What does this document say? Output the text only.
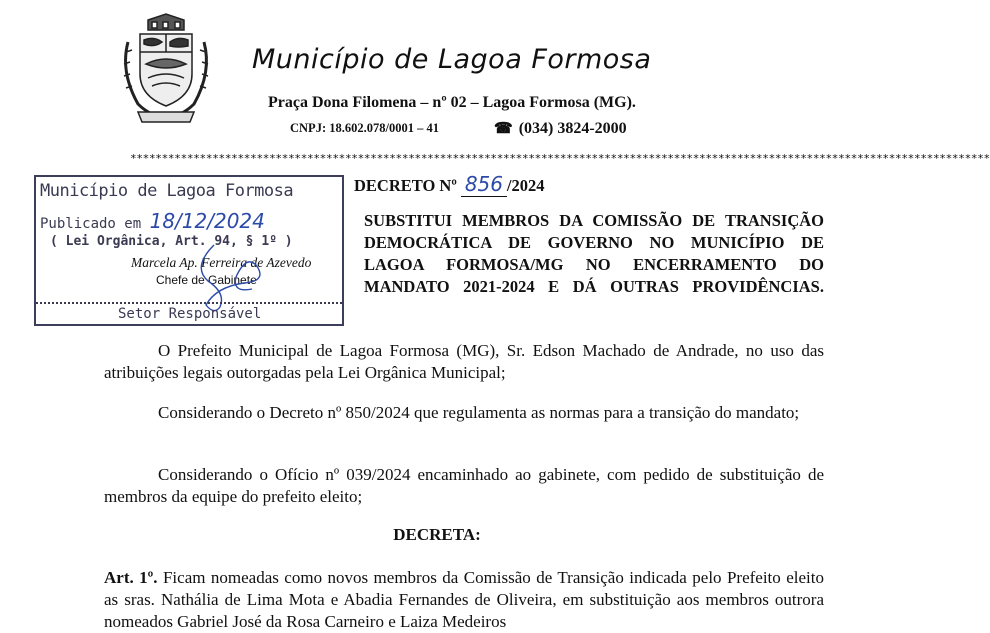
Município de Lagoa Formosa
Praça Dona Filomena – nº 02 – Lagoa Formosa (MG).
CNPJ: 18.602.078/0001 – 41	☎ (034) 3824-2000
****************************************************************************************************************************************
Município de Lagoa Formosa
Publicado em 18/12/2024
( Lei Orgânica, Art. 94, § 1º )
Marcela Ap. Ferreira de Azevedo
Chefe de Gabinete
Setor Responsável
DECRETO Nº 856 /2024
SUBSTITUI MEMBROS DA COMISSÃO DE TRANSIÇÃO DEMOCRÁTICA DE GOVERNO NO MUNICÍPIO DE LAGOA FORMOSA/MG NO ENCERRAMENTO DO MANDATO 2021-2024 E DÁ OUTRAS PROVIDÊNCIAS.
O Prefeito Municipal de Lagoa Formosa (MG), Sr. Edson Machado de Andrade, no uso das atribuições legais outorgadas pela Lei Orgânica Municipal;
Considerando o Decreto nº 850/2024 que regulamenta as normas para a transição do mandato;
Considerando o Ofício nº 039/2024 encaminhado ao gabinete, com pedido de substituição de membros da equipe do prefeito eleito;
DECRETA:
Art. 1º. Ficam nomeadas como novos membros da Comissão de Transição indicada pelo Prefeito eleito as sras. Nathália de Lima Mota e Abadia Fernandes de Oliveira, em substituição aos membros outrora nomeados Gabriel José da Rosa Carneiro e Laiza Medeiros
